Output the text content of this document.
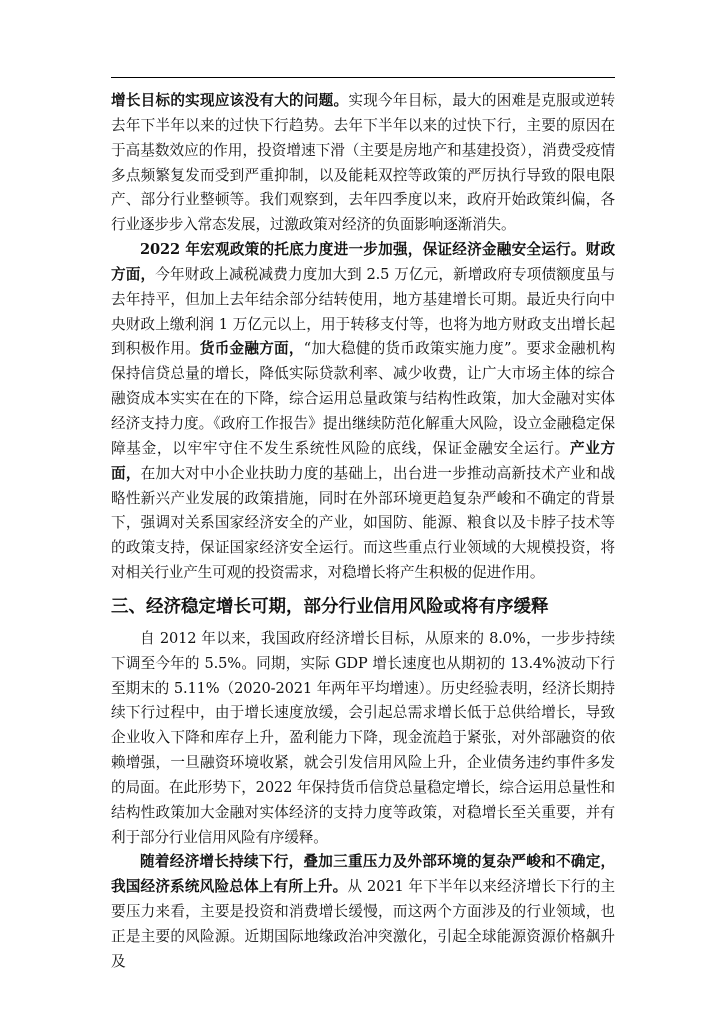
增长目标的实现应该没有大的问题。实现今年目标，最大的困难是克服或逆转去年下半年以来的过快下行趋势。去年下半年以来的过快下行，主要的原因在于高基数效应的作用，投资增速下滑（主要是房地产和基建投资），消费受疫情多点频繁复发而受到严重抑制，以及能耗双控等政策的严厉执行导致的限电限产、部分行业整顿等。我们观察到，去年四季度以来，政府开始政策纠偏，各行业逐步步入常态发展，过激政策对经济的负面影响逐渐消失。

2022 年宏观政策的托底力度进一步加强，保证经济金融安全运行。财政方面，今年财政上减税减费力度加大到 2.5 万亿元，新增政府专项债额度虽与去年持平，但加上去年结余部分结转使用，地方基建增长可期。最近央行向中央财政上缴利润 1 万亿元以上，用于转移支付等，也将为地方财政支出增长起到积极作用。货币金融方面，“加大稳健的货币政策实施力度”。要求金融机构保持信贷总量的增长，降低实际贷款利率、减少收费，让广大市场主体的综合融资成本实实在在的下降，综合运用总量政策与结构性政策，加大金融对实体经济支持力度。《政府工作报告》提出继续防范化解重大风险，设立金融稳定保障基金，以牢牢守住不发生系统性风险的底线，保证金融安全运行。产业方面，在加大对中小企业扶助力度的基础上，出台进一步推动高新技术产业和战略性新兴产业发展的政策措施，同时在外部环境更趋复杂严峻和不确定的背景下，强调对关系国家经济安全的产业，如国防、能源、粮食以及卡脖子技术等的政策支持，保证国家经济安全运行。而这些重点行业领域的大规模投资，将对相关行业产生可观的投资需求，对稳增长将产生积极的促进作用。

三、经济稳定增长可期，部分行业信用风险或将有序缓释

自 2012 年以来，我国政府经济增长目标，从原来的 8.0%，一步步持续下调至今年的 5.5%。同期，实际 GDP 增长速度也从期初的 13.4%波动下行至期末的 5.11%（2020-2021 年两年平均增速）。历史经验表明，经济长期持续下行过程中，由于增长速度放缓，会引起总需求增长低于总供给增长，导致企业收入下降和库存上升，盈利能力下降，现金流趋于紧张，对外部融资的依赖增强，一旦融资环境收紧，就会引发信用风险上升，企业债务违约事件多发的局面。在此形势下，2022 年保持货币信贷总量稳定增长，综合运用总量性和结构性政策加大金融对实体经济的支持力度等政策，对稳增长至关重要，并有利于部分行业信用风险有序缓释。

随着经济增长持续下行，叠加三重压力及外部环境的复杂严峻和不确定，我国经济系统风险总体上有所上升。从 2021 年下半年以来经济增长下行的主要压力来看，主要是投资和消费增长缓慢，而这两个方面涉及的行业领域，也正是主要的风险源。近期国际地缘政治冲突激化，引起全球能源资源价格飙升及
